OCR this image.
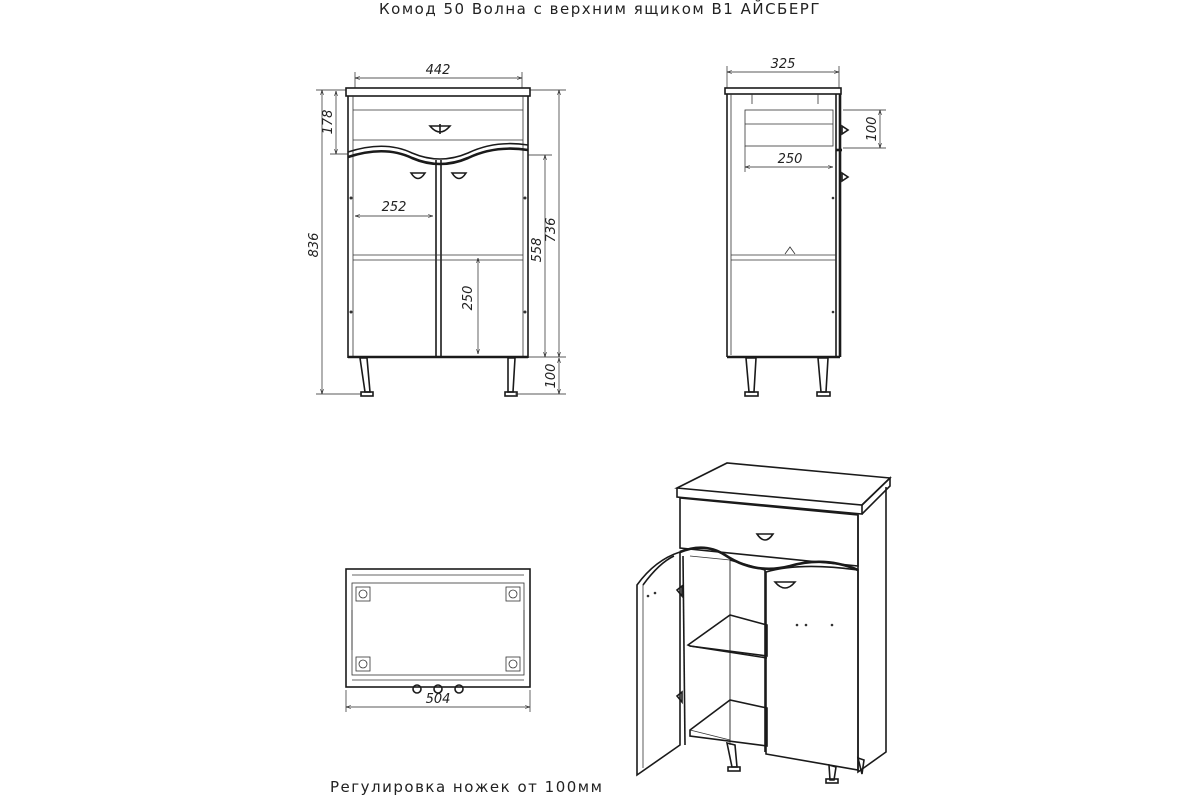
Комод 50 Волна с верхним ящиком В1 АЙСБЕРГ
442
836
178
252
250
558
736
100
325
100
250
504
Регулировка ножек от 100мм
